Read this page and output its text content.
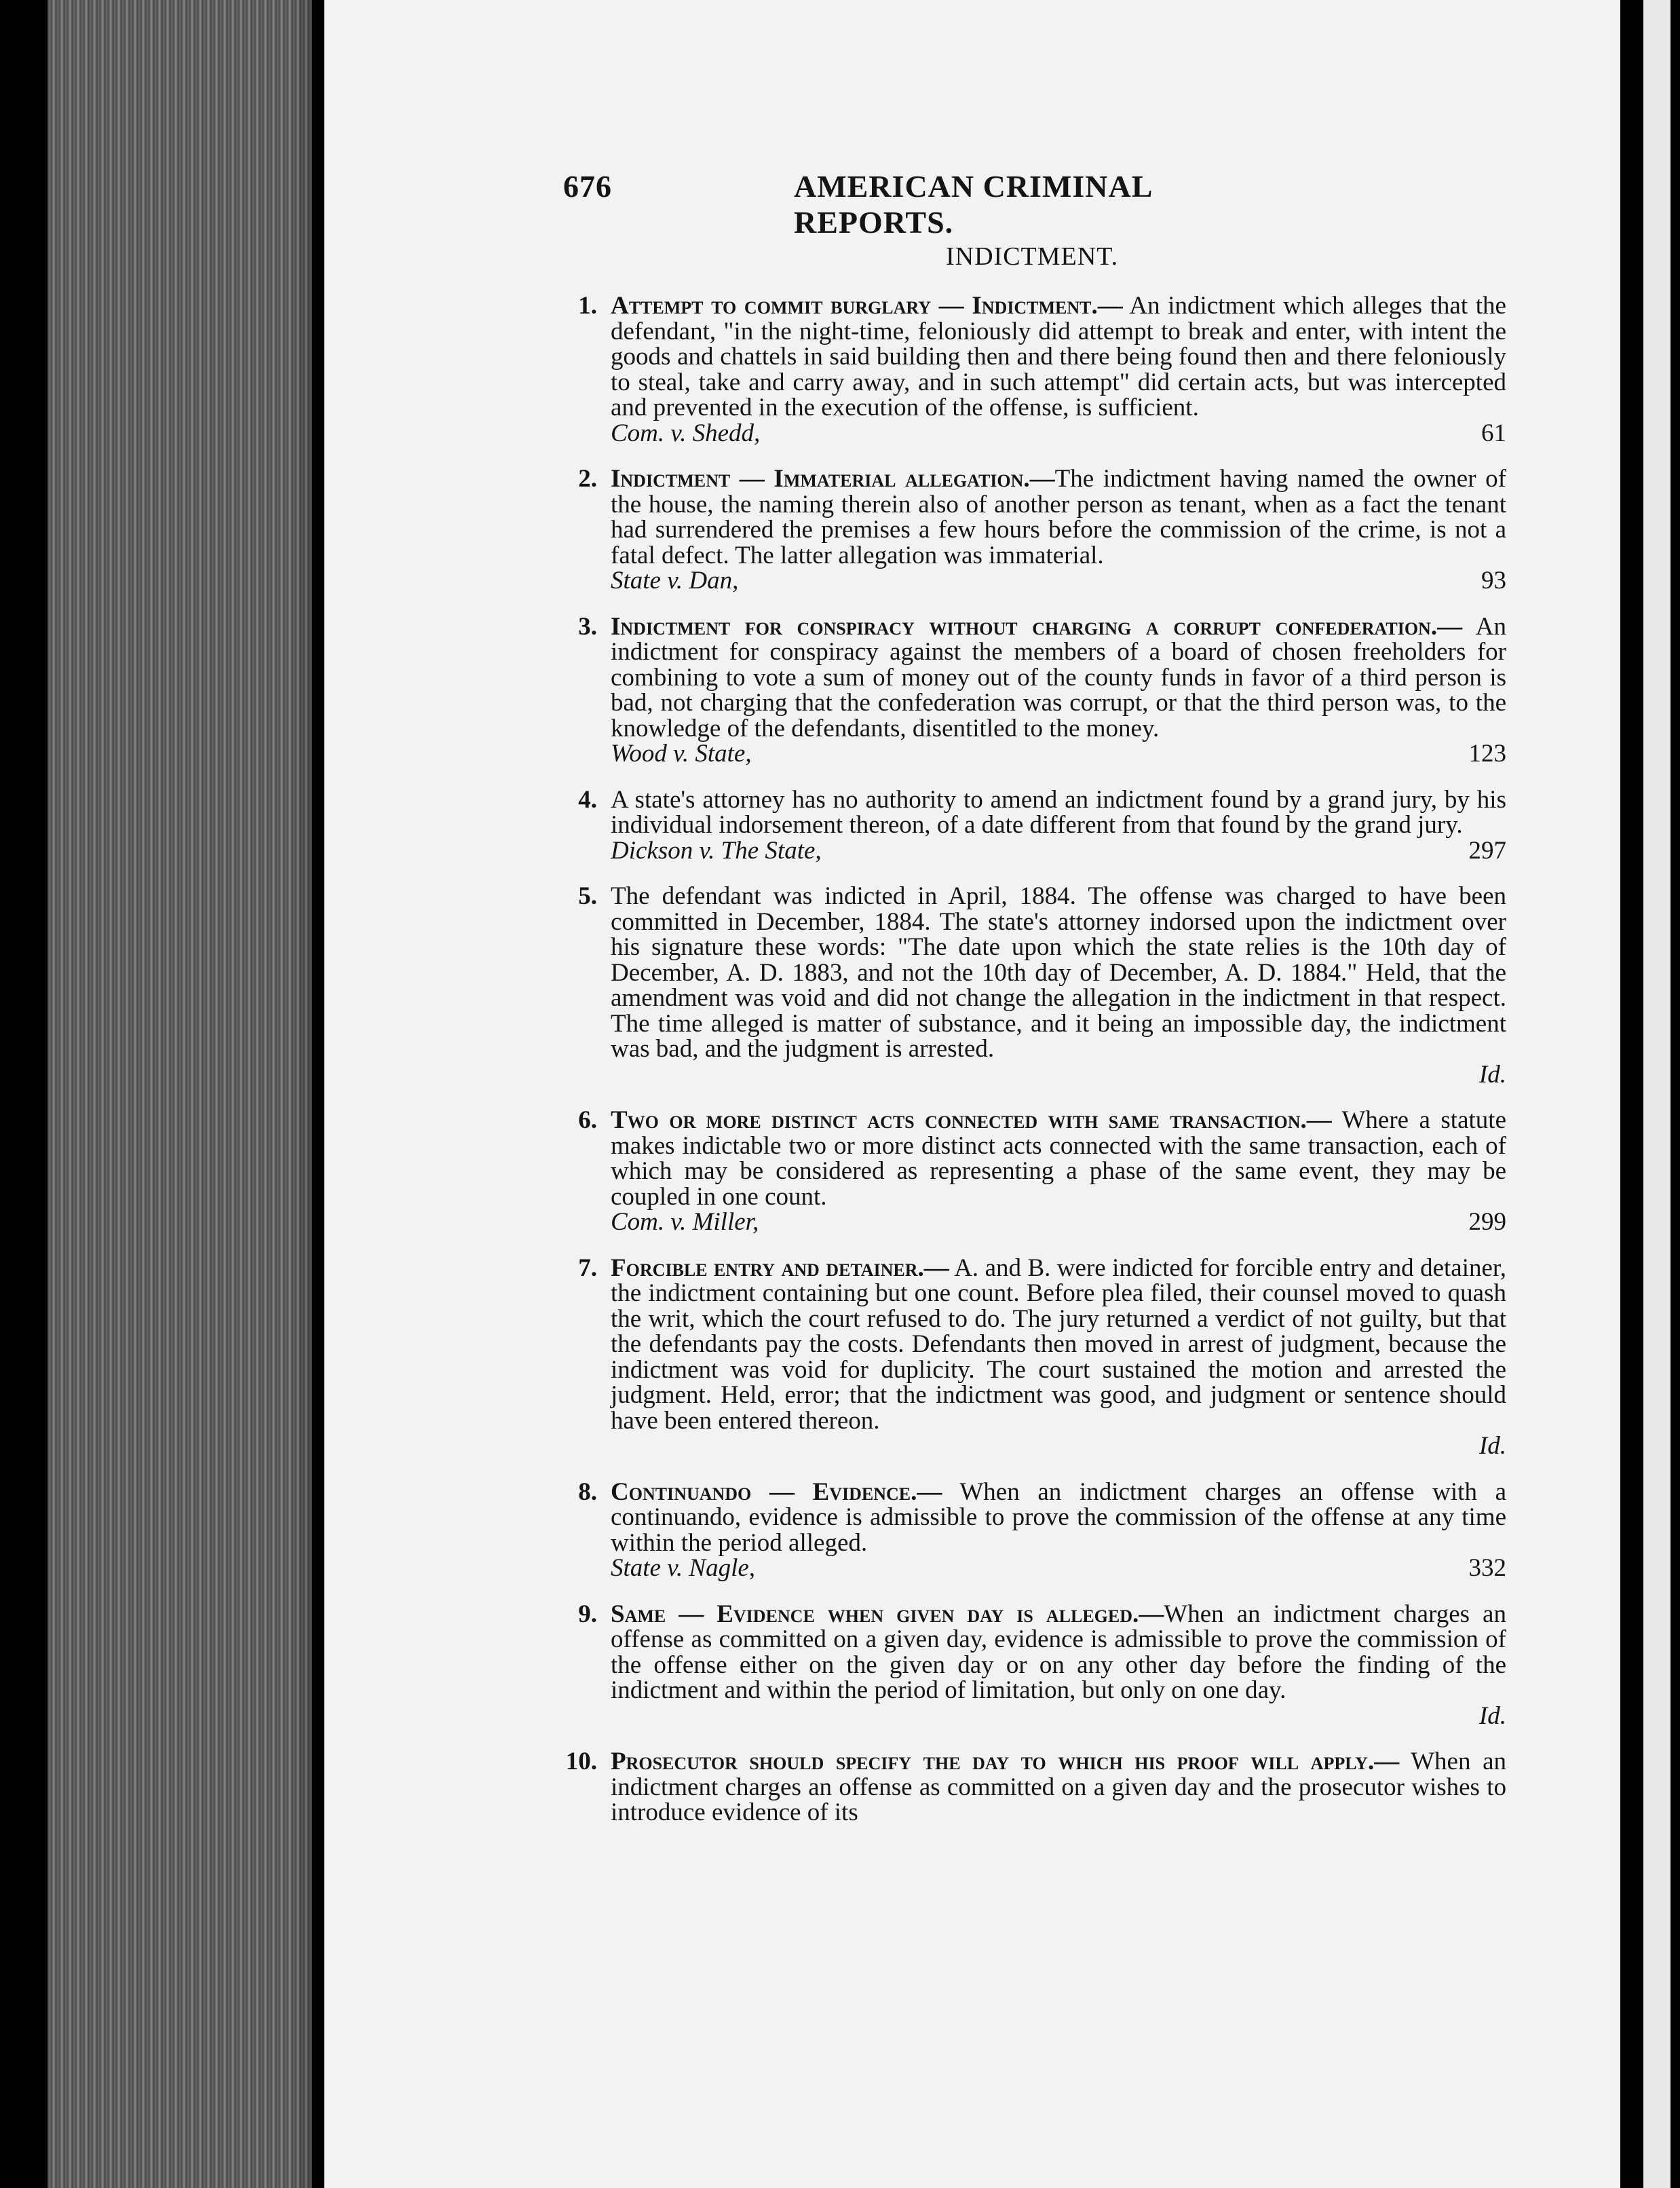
676	AMERICAN CRIMINAL REPORTS.
INDICTMENT.
1. Attempt to commit burglary — Indictment.— An indictment which alleges that the defendant, "in the night-time, feloniously did attempt to break and enter, with intent the goods and chattels in said building then and there being found then and there feloniously to steal, take and carry away, and in such attempt" did certain acts, but was intercepted and prevented in the execution of the offense, is sufficient.
Com. v. Shedd,	61
2. Indictment — Immaterial allegation.—The indictment having named the owner of the house, the naming therein also of another person as tenant, when as a fact the tenant had surrendered the premises a few hours before the commission of the crime, is not a fatal defect. The latter allegation was immaterial.
State v. Dan,	93
3. Indictment for conspiracy without charging a corrupt confederation.— An indictment for conspiracy against the members of a board of chosen freeholders for combining to vote a sum of money out of the county funds in favor of a third person is bad, not charging that the confederation was corrupt, or that the third person was, to the knowledge of the defendants, disentitled to the money.
Wood v. State,	123
4. A state's attorney has no authority to amend an indictment found by a grand jury, by his individual indorsement thereon, of a date different from that found by the grand jury.
Dickson v. The State,	297
5. The defendant was indicted in April, 1884. The offense was charged to have been committed in December, 1884. The state's attorney indorsed upon the indictment over his signature these words: "The date upon which the state relies is the 10th day of December, A. D. 1883, and not the 10th day of December, A. D. 1884." Held, that the amendment was void and did not change the allegation in the indictment in that respect. The time alleged is matter of substance, and it being an impossible day, the indictment was bad, and the judgment is arrested.
Id.
6. Two or more distinct acts connected with same transaction.— Where a statute makes indictable two or more distinct acts connected with the same transaction, each of which may be considered as representing a phase of the same event, they may be coupled in one count.
Com. v. Miller,	299
7. Forcible entry and detainer.— A. and B. were indicted for forcible entry and detainer, the indictment containing but one count. Before plea filed, their counsel moved to quash the writ, which the court refused to do. The jury returned a verdict of not guilty, but that the defendants pay the costs. Defendants then moved in arrest of judgment, because the indictment was void for duplicity. The court sustained the motion and arrested the judgment. Held, error; that the indictment was good, and judgment or sentence should have been entered thereon.
Id.
8. Continuando — Evidence.— When an indictment charges an offense with a continuando, evidence is admissible to prove the commission of the offense at any time within the period alleged.
State v. Nagle,	332
9. Same — Evidence when given day is alleged.—When an indictment charges an offense as committed on a given day, evidence is admissible to prove the commission of the offense either on the given day or on any other day before the finding of the indictment and within the period of limitation, but only on one day.
Id.
10. Prosecutor should specify the day to which his proof will apply.— When an indictment charges an offense as committed on a given day and the prosecutor wishes to introduce evidence of its
